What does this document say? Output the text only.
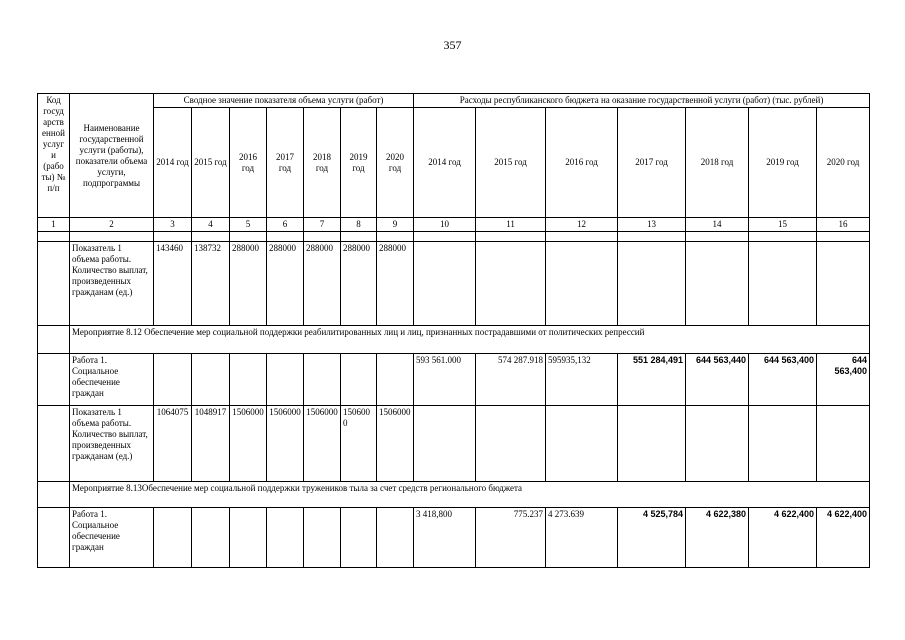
357
Код госуд арств енной услуг и (рабо ты) № п/п	Наименование государственной услуги (работы), показатели объема услуги, подпрограммы	Сводное значение показателя объема услуги (работ)							Расходы республиканского бюджета на оказание государственной услуги (работ) (тыс. рублей)						
		2014 год	2015 год	2016 год	2017 год	2018 год	2019 год	2020 год	2014 год	2015 год	2016 год	2017 год	2018 год	2019 год	2020 год
1	2	3	4	5	6	7	8	9	10	11	12	13	14	15	16

	Показатель 1 объема работы. Количество выплат, произведенных гражданам (ед.)	143460	138732	288000	288000	288000	288000	288000							
	Мероприятие 8.12 Обеспечение мер социальной поддержки реабилитированных лиц и лиц, признанных пострадавшими от политических репрессий														
	Работа 1. Социальное обеспечение граждан								593 561.000	574 287.918	595935,132	551 284,491	644 563,440	644 563,400	644 563,400
	Показатель 1 объема работы. Количество выплат, произведенных гражданам (ед.)	1064075	1048917	1506000	1506000	1506000	1506000	1506000							
	Мероприятие 8.13Обеспечение мер социальной поддержки тружеников тыла за счет средств регионального бюджета														
	Работа 1. Социальное обеспечение граждан								3 418,800	775.237	4 273.639	4 525,784	4 622,380	4 622,400	4 622,400
